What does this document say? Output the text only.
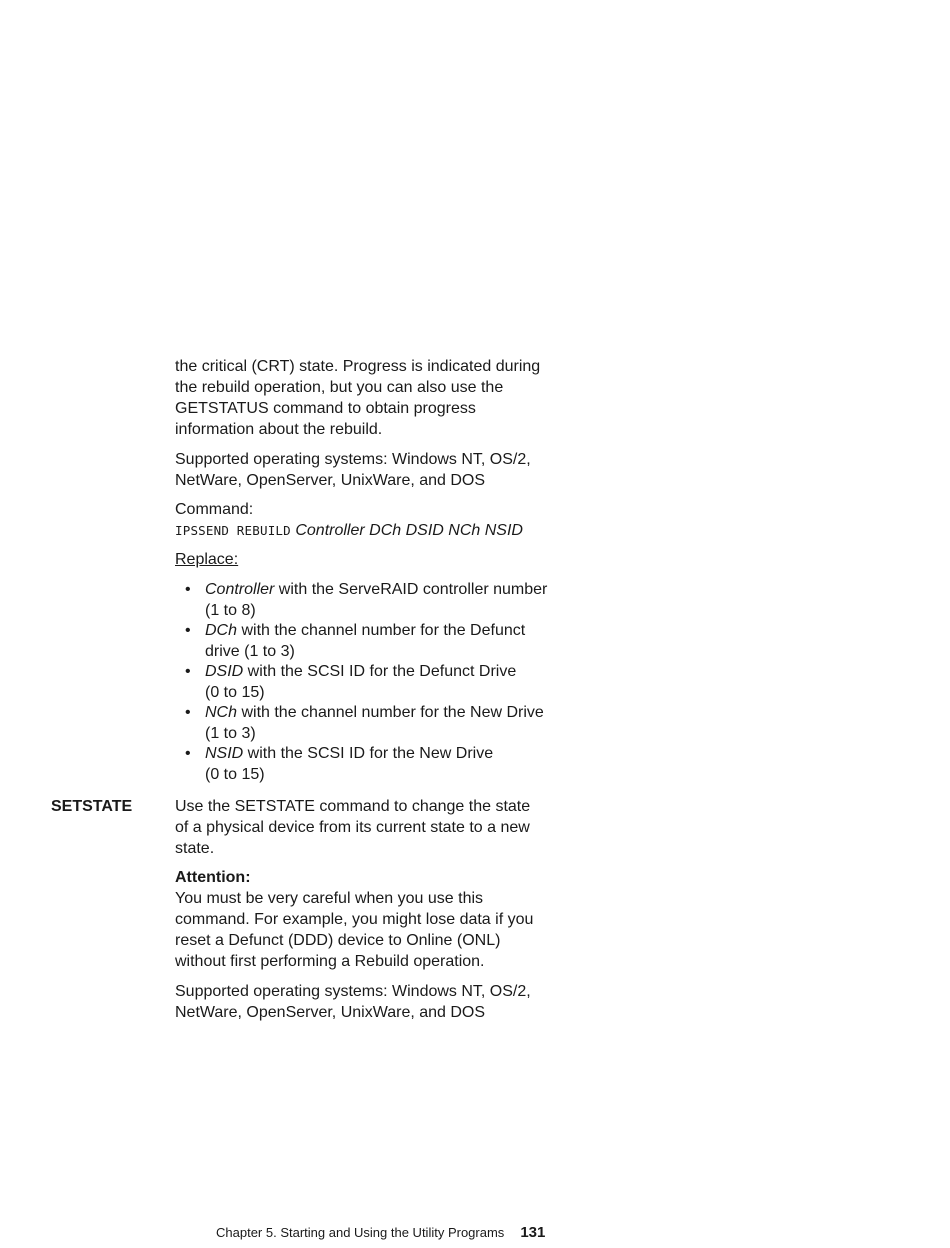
the critical (CRT) state. Progress is indicated during
the rebuild operation, but you can also use the
GETSTATUS command to obtain progress
information about the rebuild.
Supported operating systems: Windows NT, OS/2,
NetWare, OpenServer, UnixWare, and DOS
Command:
IPSSEND REBUILD Controller DCh DSID NCh NSID
Replace:
• Controller with the ServeRAID controller number
(1 to 8)
• DCh with the channel number for the Defunct
drive (1 to 3)
• DSID with the SCSI ID for the Defunct Drive
(0 to 15)
• NCh with the channel number for the New Drive
(1 to 3)
• NSID with the SCSI ID for the New Drive
(0 to 15)
SETSTATE	Use the SETSTATE command to change the state
of a physical device from its current state to a new
state.
Attention:
You must be very careful when you use this
command. For example, you might lose data if you
reset a Defunct (DDD) device to Online (ONL)
without first performing a Rebuild operation.
Supported operating systems: Windows NT, OS/2,
NetWare, OpenServer, UnixWare, and DOS
Chapter 5. Starting and Using the Utility Programs 131
